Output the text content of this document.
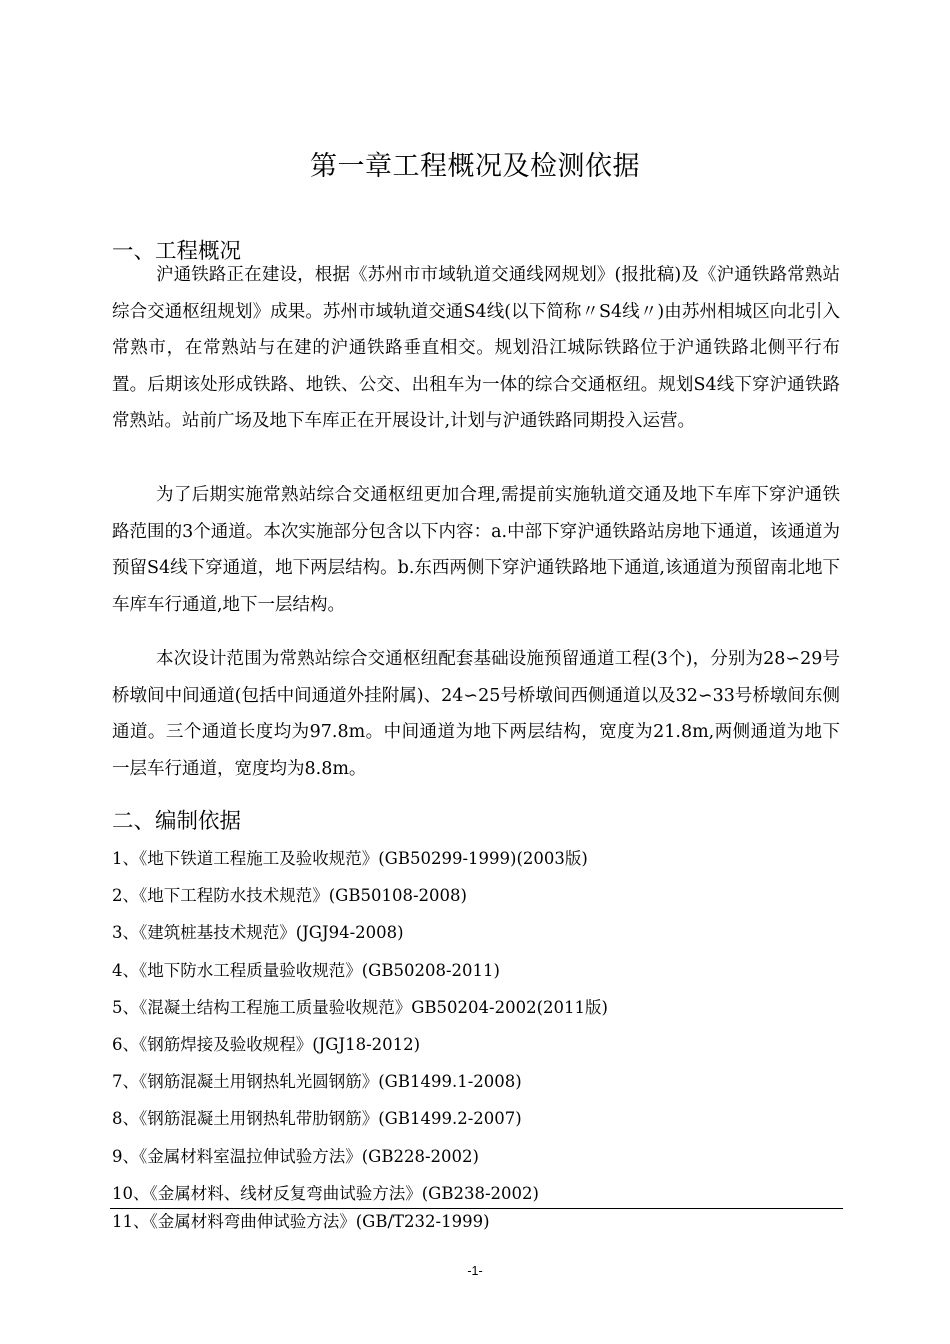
第一章工程概况及检测依据
一、工程概况

沪通铁路正在建设，根据《苏州市市域轨道交通线网规划》(报批稿)及《沪通铁路常熟站综合交通枢纽规划》成果。苏州市域轨道交通S4线(以下简称〃S4线〃)由苏州相城区向北引入常熟市，在常熟站与在建的沪通铁路垂直相交。规划沿江城际铁路位于沪通铁路北侧平行布置。后期该处形成铁路、地铁、公交、出租车为一体的综合交通枢纽。规划S4线下穿沪通铁路常熟站。站前广场及地下车库正在开展设计,计划与沪通铁路同期投入运营。

为了后期实施常熟站综合交通枢纽更加合理,需提前实施轨道交通及地下车库下穿沪通铁路范围的3个通道。本次实施部分包含以下内容：a.中部下穿沪通铁路站房地下通道，该通道为预留S4线下穿通道，地下两层结构。b.东西两侧下穿沪通铁路地下通道,该通道为预留南北地下车库车行通道,地下一层结构。

本次设计范围为常熟站综合交通枢纽配套基础设施预留通道工程(3个)，分别为28∽29号桥墩间中间通道(包括中间通道外挂附属)、24∽25号桥墩间西侧通道以及32∽33号桥墩间东侧通道。三个通道长度均为97.8m。中间通道为地下两层结构，宽度为21.8m,两侧通道为地下一层车行通道，宽度均为8.8m。

二、编制依据
1、《地下铁道工程施工及验收规范》(GB50299-1999)(2003版)
2、《地下工程防水技术规范》(GB50108-2008)
3、《建筑桩基技术规范》(JGJ94-2008)
4、《地下防水工程质量验收规范》(GB50208-2011)
5、《混凝土结构工程施工质量验收规范》GB50204-2002(2011版)
6、《钢筋焊接及验收规程》(JGJ18-2012)
7、《钢筋混凝土用钢热轧光圆钢筋》(GB1499.1-2008)
8、《钢筋混凝土用钢热轧带肋钢筋》(GB1499.2-2007)
9、《金属材料室温拉伸试验方法》(GB228-2002)
10、《金属材料、线材反复弯曲试验方法》(GB238-2002)
11、《金属材料弯曲伸试验方法》(GB/T232-1999)
-1-
